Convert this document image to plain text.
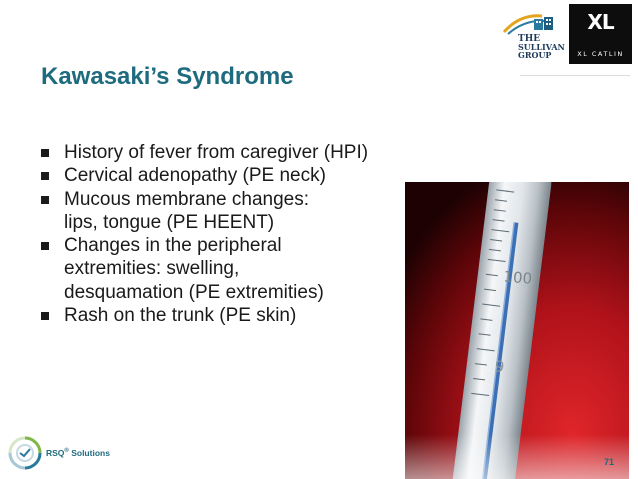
THE
SULLIVAN
GROUP
XL
XL CATLIN
Kawasaki’s Syndrome
History of fever from caregiver (HPI)
Cervical adenopathy (PE neck)
Mucous membrane changes:
lips, tongue (PE HEENT)
Changes in the peripheral
extremities: swelling,
desquamation (PE extremities)
Rash on the trunk (PE skin)
RSQ® Solutions
71
